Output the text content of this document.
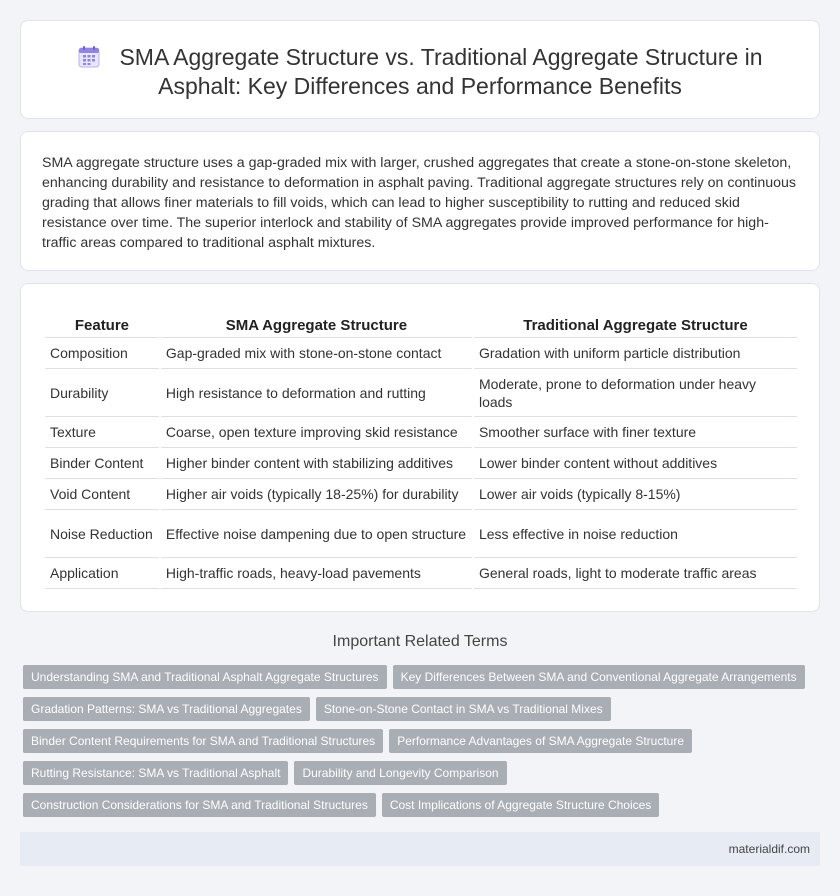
SMA Aggregate Structure vs. Traditional Aggregate Structure in
Asphalt: Key Differences and Performance Benefits

SMA aggregate structure uses a gap-graded mix with larger, crushed aggregates that create a stone-on-stone skeleton, enhancing durability and resistance to deformation in asphalt paving. Traditional aggregate structures rely on continuous grading that allows finer materials to fill voids, which can lead to higher susceptibility to rutting and reduced skid resistance over time. The superior interlock and stability of SMA aggregates provide improved performance for high-traffic areas compared to traditional asphalt mixtures.

Feature	SMA Aggregate Structure	Traditional Aggregate Structure
Composition	Gap-graded mix with stone-on-stone contact	Gradation with uniform particle distribution
Durability	High resistance to deformation and rutting	Moderate, prone to deformation under heavy loads
Texture	Coarse, open texture improving skid resistance	Smoother surface with finer texture
Binder Content	Higher binder content with stabilizing additives	Lower binder content without additives
Void Content	Higher air voids (typically 18-25%) for durability	Lower air voids (typically 8-15%)
Noise Reduction	Effective noise dampening due to open structure	Less effective in noise reduction
Application	High-traffic roads, heavy-load pavements	General roads, light to moderate traffic areas
Important Related Terms
Understanding SMA and Traditional Asphalt Aggregate Structures Key Differences Between SMA and Conventional Aggregate Arrangements
Gradation Patterns: SMA vs Traditional Aggregates Stone-on-Stone Contact in SMA vs Traditional Mixes
Binder Content Requirements for SMA and Traditional Structures Performance Advantages of SMA Aggregate Structure
Rutting Resistance: SMA vs Traditional Asphalt Durability and Longevity Comparison
Construction Considerations for SMA and Traditional Structures Cost Implications of Aggregate Structure Choices
materialdif.com
